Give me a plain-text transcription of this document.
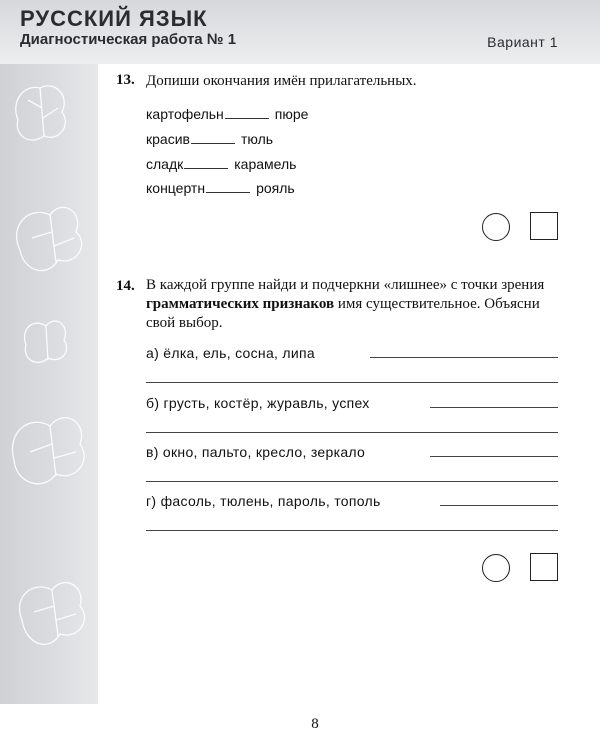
РУССКИЙ ЯЗЫК
Диагностическая работа № 1	Вариант 1
13. Допиши окончания имён прилагательных.
картофельн	пюре
красив	тюль
сладк	карамель
концертн	рояль
14. В каждой группе найди и подчеркни «лишнее» с точки зрения грамматических признаков имя существительное. Объясни свой выбор.
а) ёлка, ель, сосна, липа
б) грусть, костёр, журавль, успех
в) окно, пальто, кресло, зеркало
г) фасоль, тюлень, пароль, тополь
8
